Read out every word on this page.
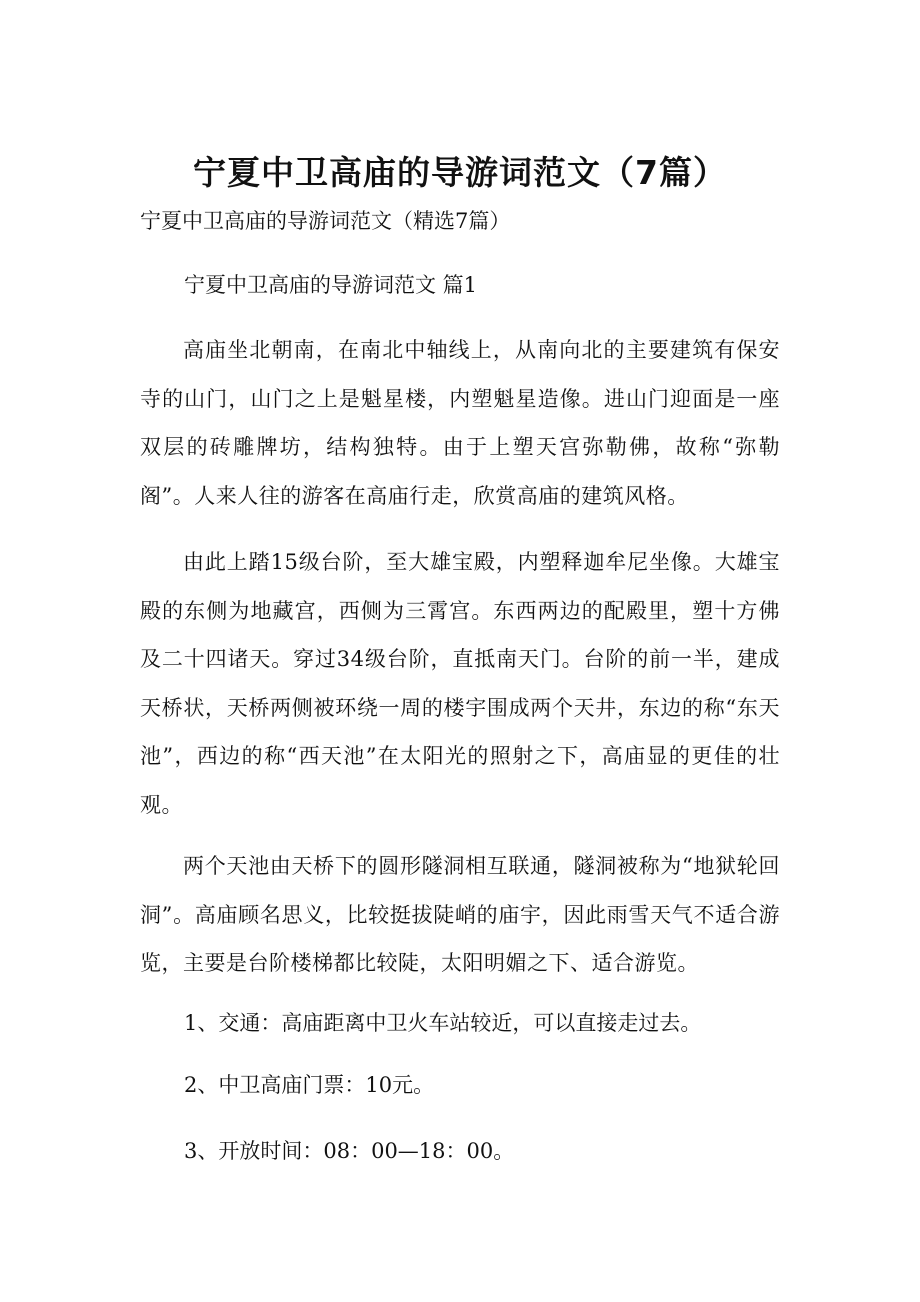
宁夏中卫高庙的导游词范文（7篇）

宁夏中卫高庙的导游词范文（精选7篇）

宁夏中卫高庙的导游词范文 篇1

高庙坐北朝南，在南北中轴线上，从南向北的主要建筑有保安寺的山门，山门之上是魁星楼，内塑魁星造像。进山门迎面是一座双层的砖雕牌坊，结构独特。由于上塑天宫弥勒佛，故称“弥勒阁”。人来人往的游客在高庙行走，欣赏高庙的建筑风格。

由此上踏15级台阶，至大雄宝殿，内塑释迦牟尼坐像。大雄宝殿的东侧为地藏宫，西侧为三霄宫。东西两边的配殿里，塑十方佛及二十四诸天。穿过34级台阶，直抵南天门。台阶的前一半，建成天桥状，天桥两侧被环绕一周的楼宇围成两个天井，东边的称“东天池”，西边的称“西天池”在太阳光的照射之下，高庙显的更佳的壮观。

两个天池由天桥下的圆形隧洞相互联通，隧洞被称为“地狱轮回洞”。高庙顾名思义，比较挺拔陡峭的庙宇，因此雨雪天气不适合游览，主要是台阶楼梯都比较陡，太阳明媚之下、适合游览。

1、交通：高庙距离中卫火车站较近，可以直接走过去。

2、中卫高庙门票：10元。

3、开放时间：08：00—18：00。
